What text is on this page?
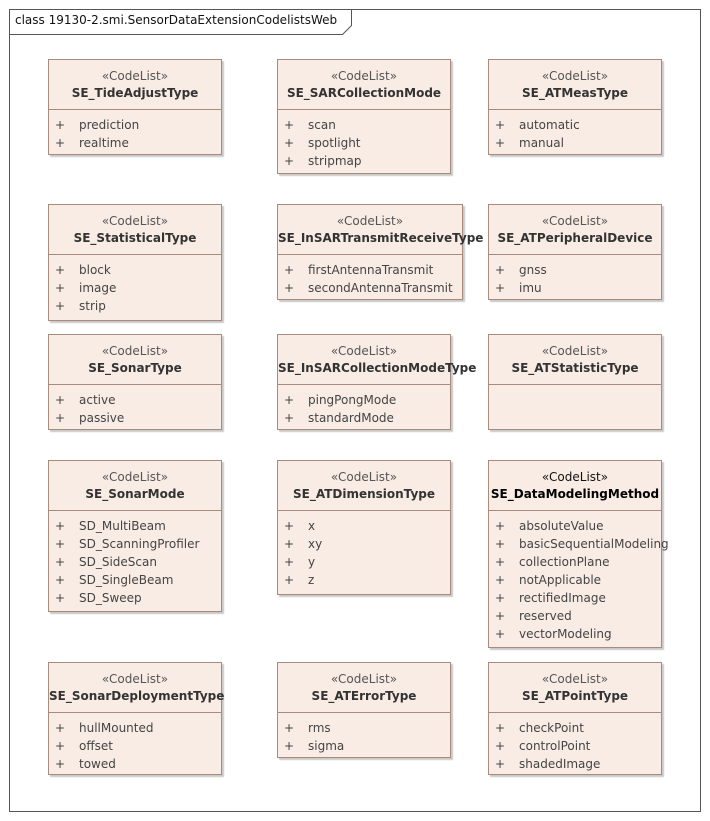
class 19130-2.smi.SensorDataExtensionCodelistsWeb
«CodeList»
SE_TideAdjustType
+ prediction
+ realtime
«CodeList»
SE_SARCollectionMode
+ scan
+ spotlight
+ stripmap
«CodeList»
SE_ATMeasType
+ automatic
+ manual
«CodeList»
SE_StatisticalType
+ block
+ image
+ strip
«CodeList»
SE_InSARTransmitReceiveType
+ firstAntennaTransmit
+ secondAntennaTransmit
«CodeList»
SE_ATPeripheralDevice
+ gnss
+ imu
«CodeList»
SE_SonarType
+ active
+ passive
«CodeList»
SE_InSARCollectionModeType
+ pingPongMode
+ standardMode
«CodeList»
SE_ATStatisticType
«CodeList»
SE_SonarMode
+ SD_MultiBeam
+ SD_ScanningProfiler
+ SD_SideScan
+ SD_SingleBeam
+ SD_Sweep
«CodeList»
SE_ATDimensionType
+ x
+ xy
+ y
+ z
«CodeList»
SE_DataModelingMethod
+ absoluteValue
+ basicSequentialModeling
+ collectionPlane
+ notApplicable
+ rectifiedImage
+ reserved
+ vectorModeling
«CodeList»
SE_SonarDeploymentType
+ hullMounted
+ offset
+ towed
«CodeList»
SE_ATErrorType
+ rms
+ sigma
«CodeList»
SE_ATPointType
+ checkPoint
+ controlPoint
+ shadedImage
